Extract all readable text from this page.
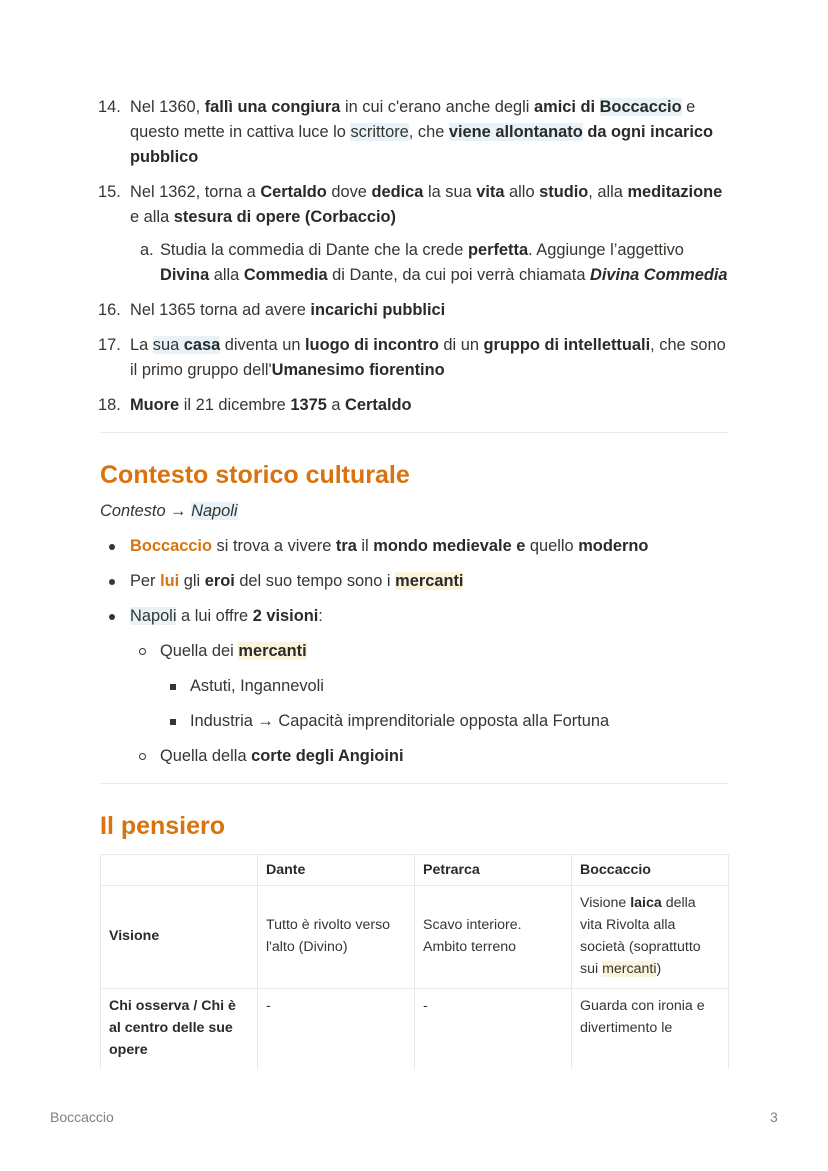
14. Nel 1360, fallì una congiura in cui c'erano anche degli amici di Boccaccio e questo mette in cattiva luce lo scrittore, che viene allontanato da ogni incarico pubblico
15. Nel 1362, torna a Certaldo dove dedica la sua vita allo studio, alla meditazione e alla stesura di opere (Corbaccio)
a. Studia la commedia di Dante che la crede perfetta. Aggiunge l’aggettivo Divina alla Commedia di Dante, da cui poi verrà chiamata Divina Commedia
16. Nel 1365 torna ad avere incarichi pubblici
17. La sua casa diventa un luogo di incontro di un gruppo di intellettuali, che sono il primo gruppo dell'Umanesimo fiorentino
18. Muore il 21 dicembre 1375 a Certaldo
Contesto storico culturale
Contesto → Napoli
Boccaccio si trova a vivere tra il mondo medievale e quello moderno
Per lui gli eroi del suo tempo sono i mercanti
Napoli a lui offre 2 visioni:
Quella dei mercanti
Astuti, Ingannevoli
Industria → Capacità imprenditoriale opposta alla Fortuna
Quella della corte degli Angioini
Il pensiero
	Dante	Petrarca	Boccaccio
Visione	Tutto è rivolto verso l'alto (Divino)	Scavo interiore. Ambito terreno	Visione laica della vita Rivolta alla società (soprattutto sui mercanti)
Chi osserva / Chi è al centro delle sue opere	-	-	Guarda con ironia e divertimento le
Boccaccio	3
